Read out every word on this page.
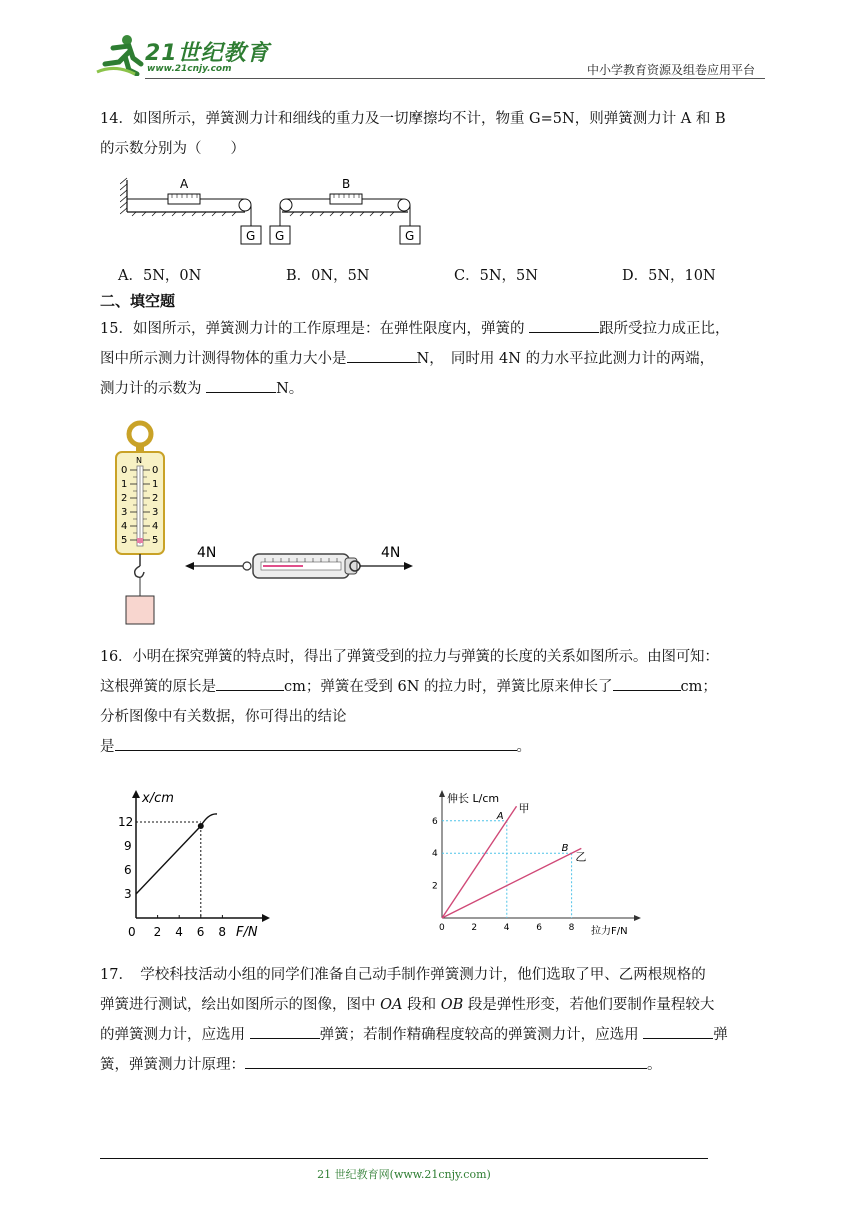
21世纪教育
www.21cnjy.com	中小学教育资源及组卷应用平台
14．如图所示，弹簧测力计和细线的重力及一切摩擦均不计，物重 G=5N，则弹簧测力计 A 和 B
的示数分别为（　　）
A
G
B
G	G
A．5N，0N	B．0N，5N	C．5N，5N	D．5N，10N
二、填空题
15．如图所示，弹簧测力计的工作原理是：在弹性限度内，弹簧的	跟所受拉力成正比，
图中所示测力计测得物体的重力大小是	N，　同时用 4N 的力水平拉此测力计的两端，
测力计的示数为	N。
N
0
1
2
3
4
5
0
1
2
3
4
5
4N	4N
16．小明在探究弹簧的特点时，得出了弹簧受到的拉力与弹簧的长度的关系如图所示。由图可知：
这根弹簧的原长是	cm；弹簧在受到 6N 的拉力时，弹簧比原来伸长了	cm；
分析图像中有关数据，你可得出的结论
是	。
x/cm
F/N
0 2 4 6 8
3
6
9
12
伸长 L/cm
拉力F/N
0	2	4	6	8
2
4
6	A
甲
B
乙
17．　学校科技活动小组的同学们准备自己动手制作弹簧测力计，他们选取了甲、乙两根规格的
弹簧进行测试，绘出如图所示的图像，图中 OA 段和 OB 段是弹性形变，若他们要制作量程较大
的弹簧测力计，应选用	弹簧；若制作精确程度较高的弹簧测力计，应选用	弹
簧，弹簧测力计原理：	。
21 世纪教育网(www.21cnjy.com)
